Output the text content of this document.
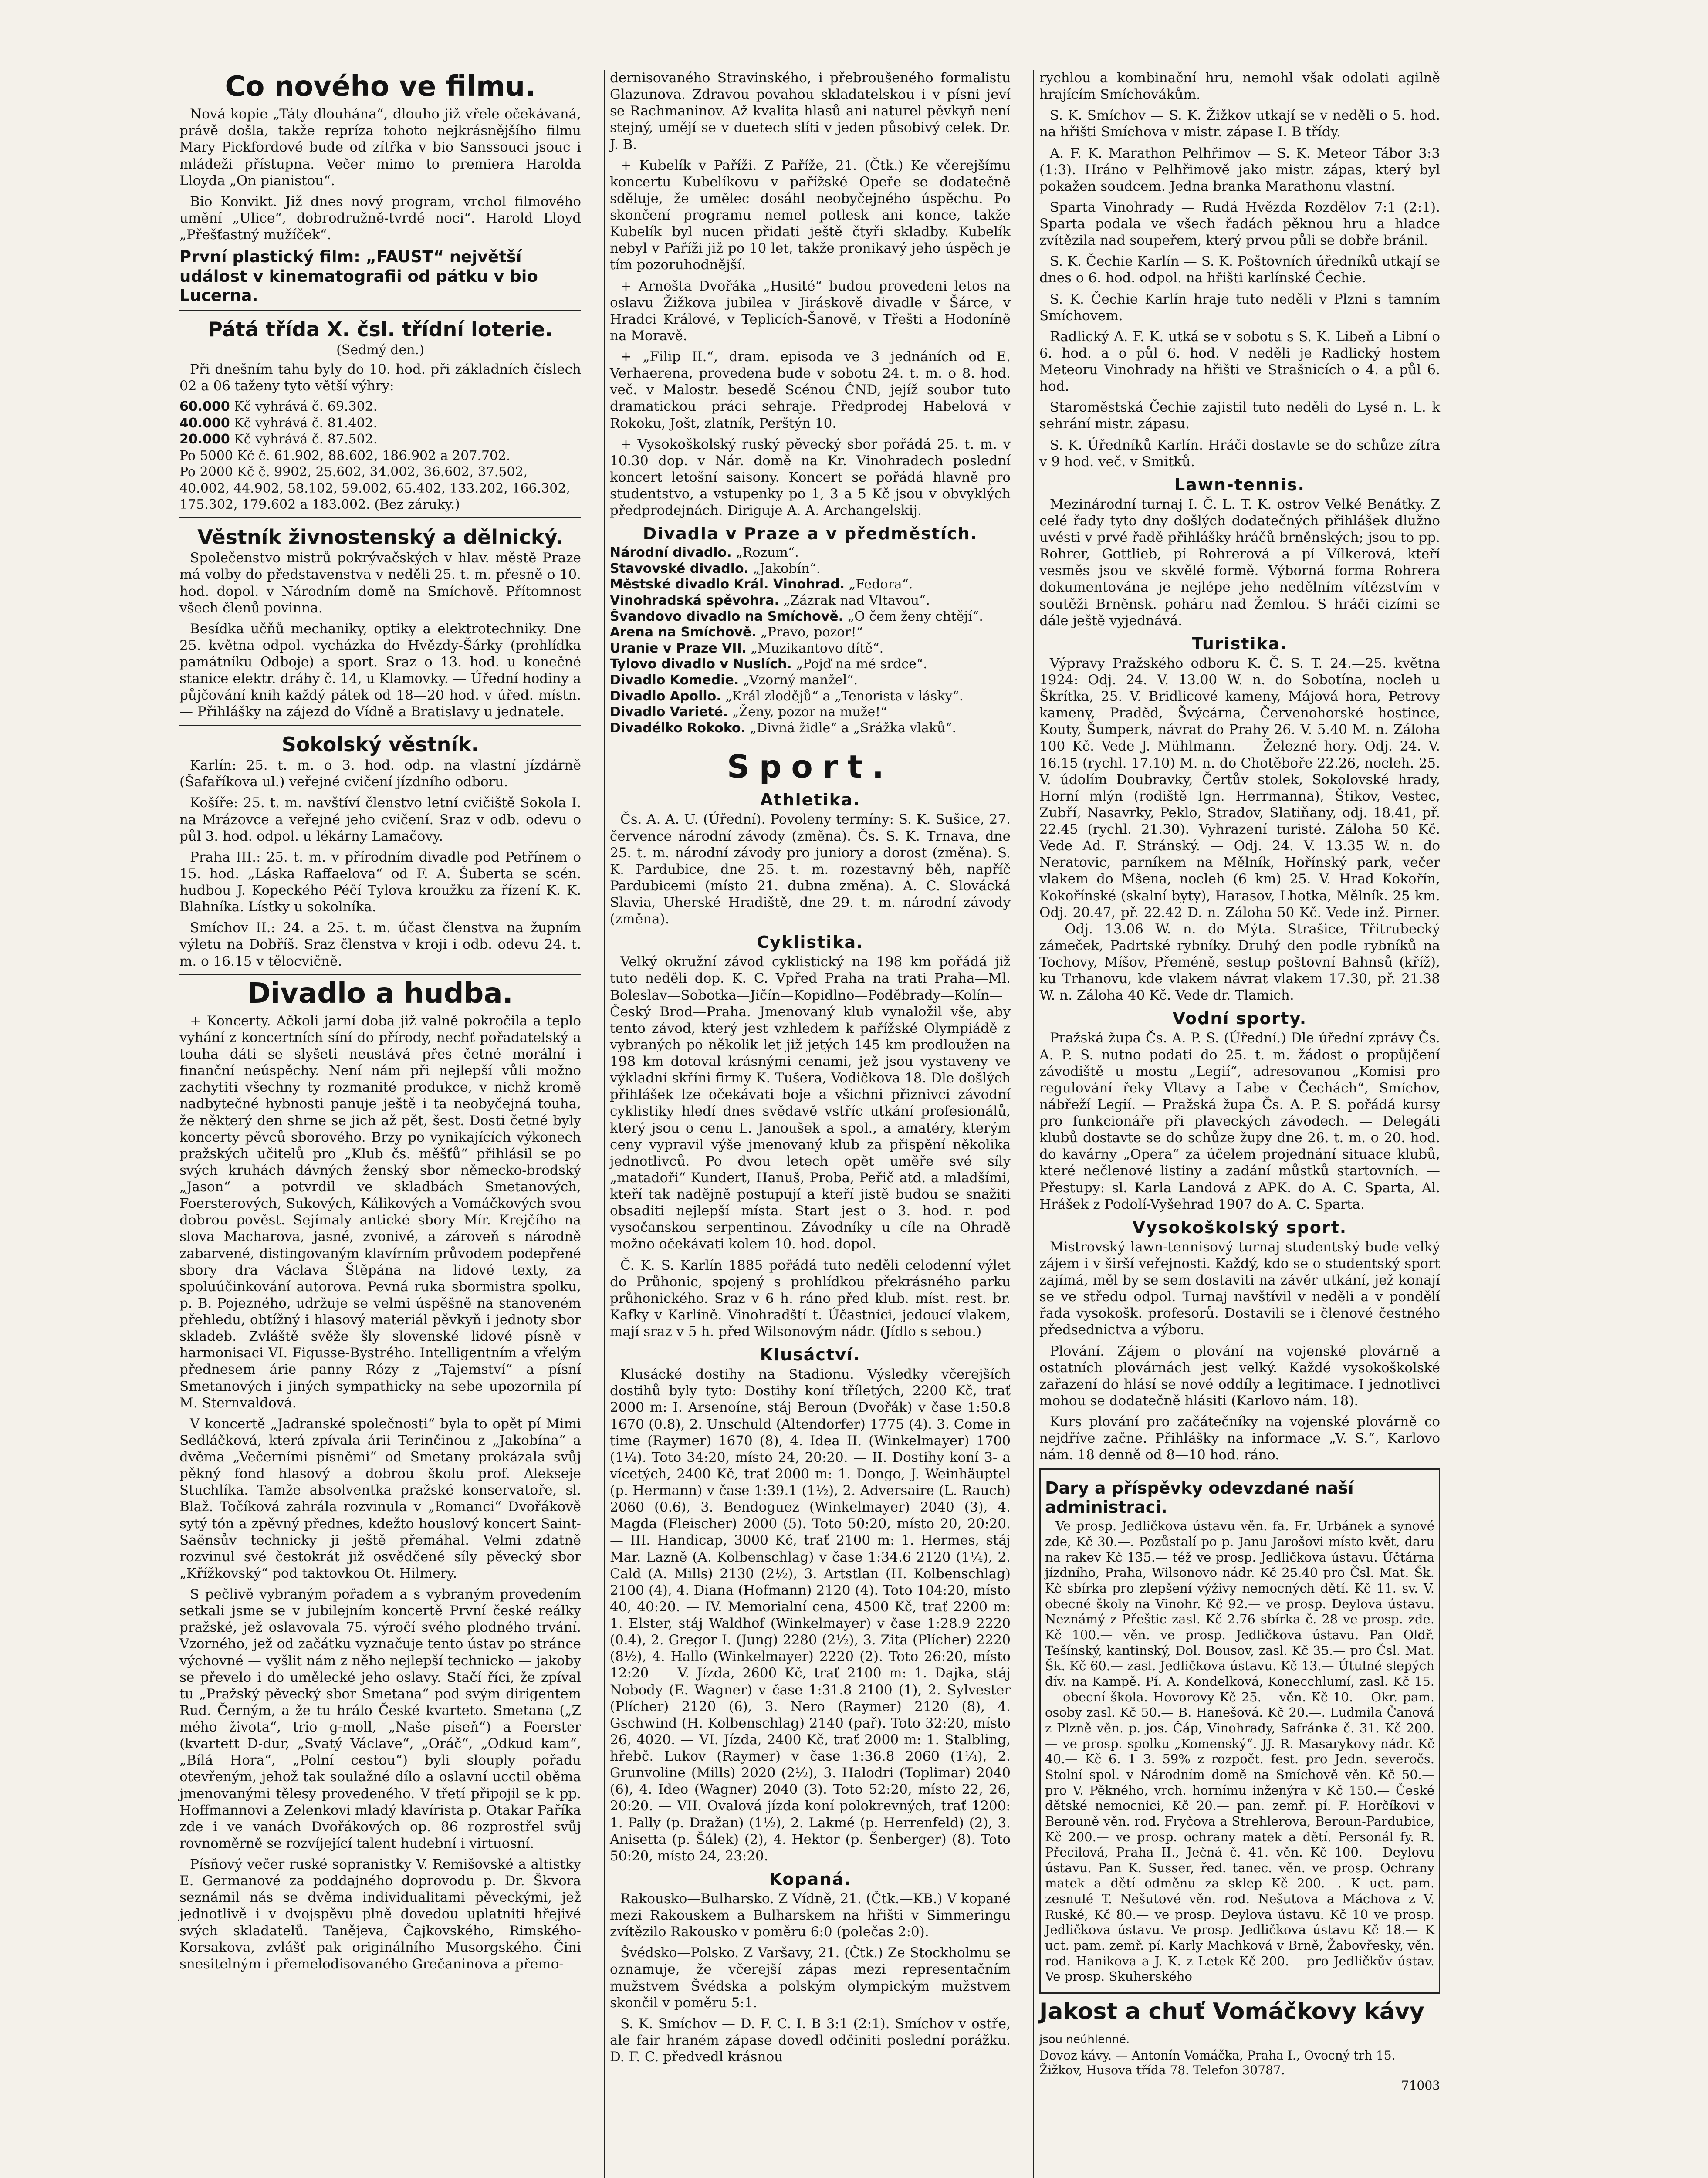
Co nového ve filmu.

Nová kopie „Táty dlouhána“, dlouho již vřele očekávaná, právě došla, takže repríza tohoto nejkrásnějšího filmu Mary Pickfordové bude od zítřka v bio Sanssouci jsouc i mládeži přístupna. Večer mimo to premiera Harolda Lloyda „On pianistou“.

Bio Konvikt. Již dnes nový program, vrchol filmového umění „Ulice“, dobrodružně-tvrdé noci“. Harold Lloyd „Přešťastný mužíček“.

První plastický film: „FAUST“ největší událost v kinematografii od pátku v bio Lucerna.
Pátá třída X. čsl. třídní loterie.
(Sedmý den.)

Při dnešním tahu byly do 10. hod. při základních číslech 02 a 06 taženy tyto větší výhry:

60.000 Kč vyhrává č. 69.302.
40.000 Kč vyhrává č. 81.402.
20.000 Kč vyhrává č. 87.502.
Po 5000 Kč č. 61.902, 88.602, 186.902 a 207.702.
Po 2000 Kč č. 9902, 25.602, 34.002, 36.602, 37.502, 40.002, 44.902, 58.102, 59.002, 65.402, 133.202, 166.302, 175.302, 179.602 a 183.002. (Bez záruky.)
Věstník živnostenský a dělnický.

Společenstvo mistrů pokrývačských v hlav. městě Praze má volby do představenstva v neděli 25. t. m. přesně o 10. hod. dopol. v Národním domě na Smíchově. Přítomnost všech členů povinna.

Besídka učňů mechaniky, optiky a elektrotechniky. Dne 25. května odpol. vycházka do Hvězdy-Šárky (prohlídka památníku Odboje) a sport. Sraz o 13. hod. u konečné stanice elektr. dráhy č. 14, u Klamovky. — Úřední hodiny a půjčování knih každý pátek od 18—20 hod. v úřed. místn. — Přihlášky na zájezd do Vídně a Bratislavy u jednatele.

Sokolský věstník.

Karlín: 25. t. m. o 3. hod. odp. na vlastní jízdárně (Šafaříkova ul.) veřejné cvičení jízdního odboru.

Košíře: 25. t. m. navštíví členstvo letní cvičiště Sokola I. na Mrázovce a veřejné jeho cvičení. Sraz v odb. odevu o půl 3. hod. odpol. u lékárny Lamačovy.

Praha III.: 25. t. m. v přírodním divadle pod Petřínem o 15. hod. „Láska Raffaelova“ od F. A. Šuberta se scén. hudbou J. Kopeckého Péčí Tylova kroužku za řízení K. K. Blahníka. Lístky u sokolníka.

Smíchov II.: 24. a 25. t. m. účast členstva na župním výletu na Dobříš. Sraz členstva v kroji i odb. odevu 24. t. m. o 16.15 v tělocvičně.

Divadlo a hudba.

+ Koncerty. Ačkoli jarní doba již valně pokročila a teplo vyhání z koncertních síní do přírody, nechť pořadatelský a touha dáti se slyšeti neustává přes četné morální i finanční neúspěchy. Není nám při nejlepší vůli možno zachytiti všechny ty rozmanité produkce, v nichž kromě nadbytečné hybnosti panuje ještě i ta neobyčejná touha, že některý den shrne se jich až pět, šest. Dosti četné byly koncerty pěvců sborového. Brzy po vynikajících výkonech pražských učitelů pro „Klub čs. měšťů“ přihlásil se po svých kruhách dávných ženský sbor německo-brodský „Jason“ a potvrdil ve skladbách Smetanových, Foersterových, Sukových, Kálikových a Vomáčkových svou dobrou pověst. Sejímaly antické sbory Mír. Krejčího na slova Macharova, jasné, zvonivé, a zároveň s národně zabarvené, distingovaným klavírním průvodem podepřené sbory dra Václava Štěpána na lidové texty, za spoluúčinkování autorova. Pevná ruka sbormistra spolku, p. B. Pojezného, udržuje se velmi úspěšně na stanoveném přehledu, obtížný i hlasový materiál pěvkyň i jednoty sbor skladeb. Zvláště svěže šly slovenské lidové písně v harmonisaci VI. Figusse-Bystrého. Intelligentním a vřelým přednesem árie panny Rózy z „Tajemství“ a písní Smetanových i jiných sympathicky na sebe upozornila pí M. Sternvaldová.

V koncertě „Jadranské společnosti“ byla to opět pí Mimi Sedláčková, která zpívala árii Terinčinou z „Jakobína“ a dvěma „Večerními písněmi“ od Smetany prokázala svůj pěkný fond hlasový a dobrou školu prof. Alekseje Stuchlíka. Tamže absolventka pražské konservatoře, sl. Blaž. Točíková zahrála rozvinula v „Romanci“ Dvořákově sytý tón a zpěvný přednes, kdežto houslový koncert Saint-Saënsův technicky ji ještě přemáhal. Velmi zdatně rozvinul své čestokrát již osvědčené síly pěvecký sbor „Křížkovský“ pod taktovkou Ot. Hilmery.

S pečlivě vybraným pořadem a s vybraným provedením setkali jsme se v jubilejním koncertě První české reálky pražské, jež oslavovala 75. výročí svého plodného trvání. Vzorného, jež od začátku vyznačuje tento ústav po stránce výchovné — vyšlit nám z něho nejlepší technicko — jakoby se převelo i do umělecké jeho oslavy. Stačí říci, že zpíval tu „Pražský pěvecký sbor Smetana“ pod svým dirigentem Rud. Černým, a že tu hrálo České kvarteto. Smetana („Z mého života“, trio g-moll, „Naše píseň“) a Foerster (kvartett D-dur, „Svatý Václave“, „Oráč“, „Odkud kam“, „Bílá Hora“, „Polní cestou“) byli slouply pořadu otevřeným, jehož tak soulažné dílo a oslavní ucctil oběma jmenovanými tělesy provedeného. V třetí připojil se k pp. Hoffmannovi a Zelenkovi mladý klavírista p. Otakar Paříka zde i ve vanách Dvořákových op. 86 rozprostřel svůj rovnoměrně se rozvíjející talent hudební i virtuosní.

Písňový večer ruské sopranistky V. Remišovské a altistky E. Germanové za poddajného doprovodu p. Dr. Škvora seznámil nás se dvěma individualitami pěveckými, jež jednotlivě i v dvojspěvu plně dovedou uplatniti hřejivé svých skladatelů. Tanějeva, Čajkovského, Rimského-Korsakova, zvlášť pak originálního Musorgského. Čini snesitelným i přemelodisovaného Grečaninova a přemo-

dernisovaného Stravinského, i přebroušeného formalistu Glazunova. Zdravou povahou skladatelskou i v písni jeví se Rachmaninov. Až kvalita hlasů ani naturel pěvkyň není stejný, umějí se v duetech slíti v jeden působivý celek. Dr. J. B.

+ Kubelík v Paříži. Z Paříže, 21. (Čtk.) Ke včerejšímu koncertu Kubelíkovu v pařížské Opeře se dodatečně sděluje, že umělec dosáhl neobyčejného úspěchu. Po skončení programu nemel potlesk ani konce, takže Kubelík byl nucen přidati ještě čtyři skladby. Kubelík nebyl v Paříži již po 10 let, takže pronikavý jeho úspěch je tím pozoruhodnější.

+ Arnošta Dvořáka „Husité“ budou provedeni letos na oslavu Žižkova jubilea v Jiráskově divadle v Šárce, v Hradci Králové, v Teplicích-Šanově, v Třešti a Hodoníně na Moravě.

+ „Filip II.“, dram. episoda ve 3 jednáních od E. Verhaerena, provedena bude v sobotu 24. t. m. o 8. hod. več. v Malostr. besedě Scénou ČND, jejíž soubor tuto dramatickou práci sehraje. Předprodej Habelová v Rokoku, Jošt, zlatník, Perštýn 10.

+ Vysokoškolský ruský pěvecký sbor pořádá 25. t. m. v 10.30 dop. v Nár. domě na Kr. Vinohradech poslední koncert letošní saisony. Koncert se pořádá hlavně pro studentstvo, a vstupenky po 1, 3 a 5 Kč jsou v obvyklých předprodejnách. Diriguje A. A. Archangelskij.

Divadla v Praze a v předměstích.
Národní divadlo. „Rozum“.
Stavovské divadlo. „Jakobín“.
Městské divadlo Král. Vinohrad. „Fedora“.
Vinohradská spěvohra. „Zázrak nad Vltavou“.
Švandovo divadlo na Smíchově. „O čem ženy chtějí“.
Arena na Smíchově. „Pravo, pozor!“
Uranie v Praze VII. „Muzikantovo dítě“.
Tylovo divadlo v Nuslích. „Pojď na mé srdce“.
Divadlo Komedie. „Vzorný manžel“.
Divadlo Apollo. „Král zlodějů“ a „Tenorista v lásky“.
Divadlo Varieté. „Ženy, pozor na muže!“
Divadélko Rokoko. „Divná židle“ a „Srážka vlaků“.
Sport.
Athletika.

Čs. A. A. U. (Úřední). Povoleny termíny: S. K. Sušice, 27. července národní závody (změna). Čs. S. K. Trnava, dne 25. t. m. národní závody pro juniory a dorost (změna). S. K. Pardubice, dne 25. t. m. rozestavný běh, napříč Pardubicemi (místo 21. dubna změna). A. C. Slovácká Slavia, Uherské Hradiště, dne 29. t. m. národní závody (změna).

Cyklistika.

Velký okružní závod cyklistický na 198 km pořádá již tuto neděli dop. K. C. Vpřed Praha na trati Praha—Ml. Boleslav—Sobotka—Jičín—Kopidlno—Poděbrady—Kolín—Český Brod—Praha. Jmenovaný klub vynaložil vše, aby tento závod, který jest vzhledem k pařížské Olympiádě z vybraných po několik let již jetých 145 km prodloužen na 198 km dotoval krásnými cenami, jež jsou vystaveny ve výkladní skříni firmy K. Tušera, Vodičkova 18. Dle došlých přihlášek lze očekávati boje a všichni přiznivci závodní cyklistiky hledí dnes svědavě vstříc utkání profesionálů, který jsou o cenu L. Janoušek a spol., a amatéry, kterým ceny vypravil výše jmenovaný klub za přispění několika jednotlivců. Po dvou letech opět uměře své síly „matadoři“ Kundert, Hanuš, Proba, Peřič atd. a mladšími, kteří tak nadějně postupují a kteří jistě budou se snažiti obsaditi nejlepší místa. Start jest o 3. hod. r. pod vysočanskou serpentinou. Závodníky u cíle na Ohradě možno očekávati kolem 10. hod. dopol.

Č. K. S. Karlín 1885 pořádá tuto neděli celodenní výlet do Průhonic, spojený s prohlídkou překrásného parku průhonického. Sraz v 6 h. ráno před klub. míst. rest. br. Kafky v Karlíně. Vinohradští t. Účastníci, jedoucí vlakem, mají sraz v 5 h. před Wilsonovým nádr. (Jídlo s sebou.)

Klusáctví.

Klusácké dostihy na Stadionu. Výsledky včerejších dostihů byly tyto: Dostihy koní tříletých, 2200 Kč, trať 2000 m: I. Arsenoíne, stáj Beroun (Dvořák) v čase 1:50.8 1670 (0.8), 2. Unschuld (Altendorfer) 1775 (4). 3. Come in time (Raymer) 1670 (8), 4. Idea II. (Winkelmayer) 1700 (1¼). Toto 34:20, místo 24, 20:20. — II. Dostihy koní 3- a vícetých, 2400 Kč, trať 2000 m: 1. Dongo, J. Weinhäuptel (p. Hermann) v čase 1:39.1 (1½), 2. Adversaire (L. Rauch) 2060 (0.6), 3. Bendoguez (Winkelmayer) 2040 (3), 4. Magda (Fleischer) 2000 (5). Toto 50:20, místo 20, 20:20. — III. Handicap, 3000 Kč, trať 2100 m: 1. Hermes, stáj Mar. Lazně (A. Kolbenschlag) v čase 1:34.6 2120 (1¼), 2. Cald (A. Mills) 2130 (2½), 3. Artstlan (H. Kolbenschlag) 2100 (4), 4. Diana (Hofmann) 2120 (4). Toto 104:20, místo 40, 40:20. — IV. Memorialní cena, 4500 Kč, trať 2200 m: 1. Elster, stáj Waldhof (Winkelmayer) v čase 1:28.9 2220 (0.4), 2. Gregor I. (Jung) 2280 (2½), 3. Zita (Plícher) 2220 (8½), 4. Hallo (Winkelmayer) 2220 (2). Toto 26:20, místo 12:20 — V. Jízda, 2600 Kč, trať 2100 m: 1. Dajka, stáj Nobody (E. Wagner) v čase 1:31.8 2100 (1), 2. Sylvester (Plícher) 2120 (6), 3. Nero (Raymer) 2120 (8), 4. Gschwind (H. Kolbenschlag) 2140 (pař). Toto 32:20, místo 26, 4020. — VI. Jízda, 2400 Kč, trať 2000 m: 1. Stalbling, hřebč. Lukov (Raymer) v čase 1:36.8 2060 (1¼), 2. Grunvoline (Mills) 2020 (2½), 3. Halodri (Toplimar) 2040 (6), 4. Ideo (Wagner) 2040 (3). Toto 52:20, místo 22, 26, 20:20. — VII. Ovalová jízda koní polokrevných, trať 1200: 1. Pally (p. Dražan) (1½), 2. Lakmé (p. Herrenfeld) (2), 3. Anisetta (p. Šálek) (2), 4. Hektor (p. Šenberger) (8). Toto 50:20, místo 24, 23:20.

Kopaná.

Rakousko—Bulharsko. Z Vídně, 21. (Čtk.—KB.) V kopané mezi Rakouskem a Bulharskem na hřišti v Simmeringu zvítězilo Rakousko v poměru 6:0 (polečas 2:0).

Švédsko—Polsko. Z Varšavy, 21. (Čtk.) Ze Stockholmu se oznamuje, že včerejší zápas mezi representačním mužstvem Švédska a polským olympickým mužstvem skončil v poměru 5:1.

S. K. Smíchov — D. F. C. I. B 3:1 (2:1). Smíchov v ostře, ale fair hraném zápase dovedl odčiniti poslední porážku. D. F. C. předvedl krásnou

rychlou a kombinační hru, nemohl však odolati agilně hrajícím Smíchovákům.

S. K. Smíchov — S. K. Žižkov utkají se v neděli o 5. hod. na hřišti Smíchova v mistr. zápase I. B třídy.

A. F. K. Marathon Pelhřimov — S. K. Meteor Tábor 3:3 (1:3). Hráno v Pelhřimově jako mistr. zápas, který byl pokažen soudcem. Jedna branka Marathonu vlastní.

Sparta Vinohrady — Rudá Hvězda Rozdělov 7:1 (2:1). Sparta podala ve všech řadách pěknou hru a hladce zvítězila nad soupeřem, který prvou půli se dobře bránil.

S. K. Čechie Karlín — S. K. Poštovních úředníků utkají se dnes o 6. hod. odpol. na hřišti karlínské Čechie.

S. K. Čechie Karlín hraje tuto neděli v Plzni s tamním Smíchovem.

Radlický A. F. K. utká se v sobotu s S. K. Libeň a Libní o 6. hod. a o půl 6. hod. V neděli je Radlický hostem Meteoru Vinohrady na hřišti ve Strašnicích o 4. a půl 6. hod.

Staroměstská Čechie zajistil tuto neděli do Lysé n. L. k sehrání mistr. zápasu.

S. K. Úředníků Karlín. Hráči dostavte se do schůze zítra v 9 hod. več. v Smitků.

Lawn-tennis.

Mezinárodní turnaj I. Č. L. T. K. ostrov Velké Benátky. Z celé řady tyto dny došlých dodatečných přihlášek dlužno uvésti v prvé řadě přihlášky hráčů brněnských; jsou to pp. Rohrer, Gottlieb, pí Rohrerová a pí Vílkerová, kteří vesměs jsou ve skvělé formě. Výborná forma Rohrera dokumentována je nejlépe jeho nedělním vítězstvím v soutěži Brněnsk. poháru nad Žemlou. S hráči cizími se dále ještě vyjednává.

Turistika.

Výpravy Pražského odboru K. Č. S. T. 24.—25. května 1924: Odj. 24. V. 13.00 W. n. do Sobotína, nocleh u Škrítka, 25. V. Bridlicové kameny, Májová hora, Petrovy kameny, Praděd, Švýcárna, Červenohorské hostince, Kouty, Šumperk, návrat do Prahy 26. V. 5.40 M. n. Záloha 100 Kč. Vede J. Mühlmann. — Železné hory. Odj. 24. V. 16.15 (rychl. 17.10) M. n. do Chotěboře 22.26, nocleh. 25. V. údolím Doubravky, Čertův stolek, Sokolovské hrady, Horní mlýn (rodiště Ign. Herrmanna), Štikov, Vestec, Zubří, Nasavrky, Peklo, Stradov, Slatiňany, odj. 18.41, př. 22.45 (rychl. 21.30). Vyhrazení turisté. Záloha 50 Kč. Vede Ad. F. Stránský. — Odj. 24. V. 13.35 W. n. do Neratovic, parníkem na Mělník, Hořínský park, večer vlakem do Mšena, nocleh (6 km) 25. V. Hrad Kokořín, Kokořínské (skalní byty), Harasov, Lhotka, Mělník. 25 km. Odj. 20.47, př. 22.42 D. n. Záloha 50 Kč. Vede inž. Pirner. — Odj. 13.06 W. n. do Mýta. Strašice, Třitrubecký zámeček, Padrtské rybníky. Druhý den podle rybníků na Tochovy, Míšov, Přeméně, sestup poštovní Bahnsů (kříž), ku Trhanovu, kde vlakem návrat vlakem 17.30, př. 21.38 W. n. Záloha 40 Kč. Vede dr. Tlamich.

Vodní sporty.

Pražská župa Čs. A. P. S. (Úřední.) Dle úřední zprávy Čs. A. P. S. nutno podati do 25. t. m. žádost o propůjčení závodiště u mostu „Legií“, adresovanou „Komisi pro regulování řeky Vltavy a Labe v Čechách“, Smíchov, nábřeží Legií. — Pražská župa Čs. A. P. S. pořádá kursy pro funkcionáře při plaveckých závodech. — Delegáti klubů dostavte se do schůze župy dne 26. t. m. o 20. hod. do kavárny „Opera“ za účelem projednání situace klubů, které nečlenové listiny a zadání můstků startovních. — Přestupy: sl. Karla Landová z APK. do A. C. Sparta, Al. Hrášek z Podolí-Vyšehrad 1907 do A. C. Sparta.

Vysokoškolský sport.

Mistrovský lawn-tennisový turnaj studentský bude velký zájem i v širší veřejnosti. Každý, kdo se o studentský sport zajímá, měl by se sem dostaviti na závěr utkání, jež konají se ve středu odpol. Turnaj navštívil v neděli a v pondělí řada vysokošk. profesorů. Dostavili se i členové čestného předsednictva a výboru.

Plování. Zájem o plování na vojenské plovárně a ostatních plovárnách jest velký. Každé vysokoškolské zařazení do hlásí se nové oddíly a legitimace. I jednotlivci mohou se dodatečně hlásiti (Karlovo nám. 18).

Kurs plování pro začátečníky na vojenské plovárně co nejdříve začne. Přihlášky na informace „V. S.“, Karlovo nám. 18 denně od 8—10 hod. ráno.

Dary a příspěvky odevzdané naší administraci.

Ve prosp. Jedličkova ústavu věn. fa. Fr. Urbánek a synové zde, Kč 30.—. Pozůstalí po p. Janu Jarošovi místo květ, daru na rakev Kč 135.— též ve prosp. Jedličkova ústavu. Účtárna jízdního, Praha, Wilsonovo nádr. Kč 25.40 pro Čsl. Mat. Šk. Kč sbírka pro zlepšení výživy nemocných dětí. Kč 11. sv. V. obecné školy na Vinohr. Kč 92.— ve prosp. Deylova ústavu. Neznámý z Přeštic zasl. Kč 2.76 sbírka č. 28 ve prosp. zde. Kč 100.— věn. ve prosp. Jedličkova ústavu. Pan Oldř. Tešínský, kantinský, Dol. Bousov, zasl. Kč 35.— pro Čsl. Mat. Šk. Kč 60.— zasl. Jedličkova ústavu. Kč 13.— Útulné slepých dív. na Kampě. Pí. A. Kondelková, Konecchlumí, zasl. Kč 15.— obecní škola. Hovorovy Kč 25.— věn. Kč 10.— Okr. pam. osoby zasl. Kč 50.— B. Hanešová. Kč 20.—. Ludmila Čanová z Plzně věn. p. jos. Čáp, Vinohrady, Safránka č. 31. Kč 200.— ve prosp. spolku „Komenský“. JJ. R. Masarykovy nádr. Kč 40.— Kč 6. 1 3. 59% z rozpočt. fest. pro Jedn. severočs. Stolní spol. v Národním domě na Smíchově věn. Kč 50.— pro V. Pěkného, vrch. hornímu inženýra v Kč 150.— České dětské nemocnici, Kč 20.— pan. zemř. pí. F. Horčíkovi v Berouně věn. rod. Fryčova a Strehlerova, Beroun-Pardubice, Kč 200.— ve prosp. ochrany matek a dětí. Personál fy. R. Přecilová, Praha II., Ječná č. 41. věn. Kč 100.— Deylovu ústavu. Pan K. Susser, řed. tanec. věn. ve prosp. Ochrany matek a dětí odměnu za sklep Kč 200.—. K uct. pam. zesnulé T. Nešutové věn. rod. Nešutova a Máchova z V. Ruské, Kč 80.— ve prosp. Deylova ústavu. Kč 10 ve prosp. Jedličkova ústavu. Ve prosp. Jedličkova ústavu Kč 18.— K uct. pam. zemř. pí. Karly Machková v Brně, Žabovřesky, věn. rod. Hanikova a J. K. z Letek Kč 200.— pro Jedličkův ústav. Ve prosp. Skuherského

Jakost a chuť Vomáčkovy kávy jsou neúhlenné.
Dovoz kávy. — Antonín Vomáčka, Praha I., Ovocný trh 15. Žižkov, Husova třída 78. Telefon 30787.
71003
